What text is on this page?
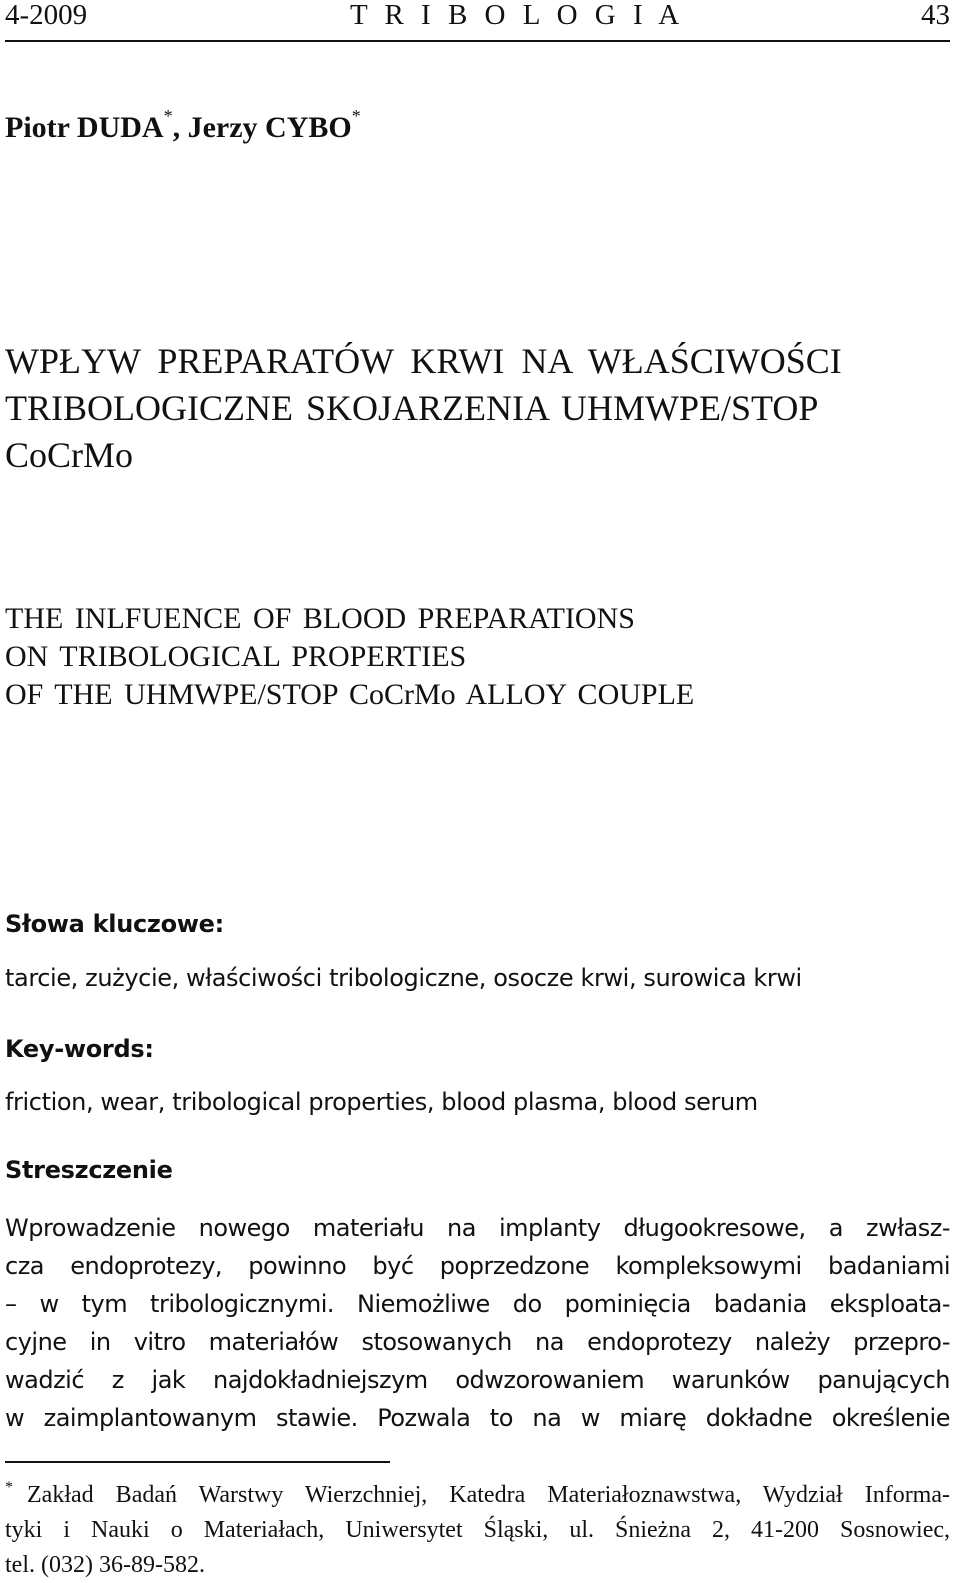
4-2009	T R I B O L O G I A	43
Piotr DUDA*, Jerzy CYBO*
WPŁYW PREPARATÓW KRWI NA WŁAŚCIWOŚCI
TRIBOLOGICZNE SKOJARZENIA UHMWPE/STOP
CoCrMo
THE INLFUENCE OF BLOOD PREPARATIONS
ON TRIBOLOGICAL PROPERTIES
OF THE UHMWPE/STOP CoCrMo ALLOY COUPLE
Słowa kluczowe:
tarcie, zużycie, właściwości tribologiczne, osocze krwi, surowica krwi
Key-words:
friction, wear, tribological properties, blood plasma, blood serum
Streszczenie
Wprowadzenie nowego materiału na implanty długookresowe, a zwłasz-
cza endoprotezy, powinno być poprzedzone kompleksowymi badaniami
– w tym tribologicznymi. Niemożliwe do pominięcia badania eksploata-
cyjne in vitro materiałów stosowanych na endoprotezy należy przepro-
wadzić z jak najdokładniejszym odwzorowaniem warunków panujących
w zaimplantowanym stawie. Pozwala to na w miarę dokładne określenie
* Zakład Badań Warstwy Wierzchniej, Katedra Materiałoznawstwa, Wydział Informa-
tyki i Nauki o Materiałach, Uniwersytet Śląski, ul. Śnieżna 2, 41-200 Sosnowiec,
tel. (032) 36-89-582.
